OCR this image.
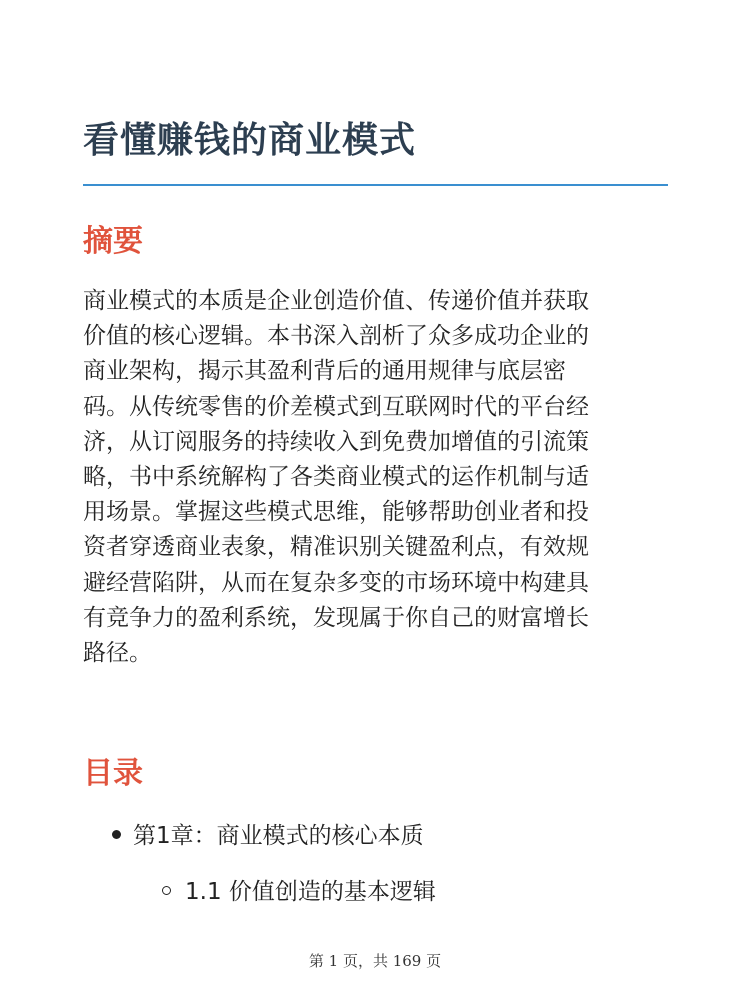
看懂赚钱的商业模式
摘要
商业模式的本质是企业创造价值、传递价值并获取
价值的核心逻辑。本书深入剖析了众多成功企业的
商业架构，揭示其盈利背后的通用规律与底层密
码。从传统零售的价差模式到互联网时代的平台经
济，从订阅服务的持续收入到免费加增值的引流策
略，书中系统解构了各类商业模式的运作机制与适
用场景。掌握这些模式思维，能够帮助创业者和投
资者穿透商业表象，精准识别关键盈利点，有效规
避经营陷阱，从而在复杂多变的市场环境中构建具
有竞争力的盈利系统，发现属于你自己的财富增长
路径。
目录
第1章：商业模式的核心本质
1.1 价值创造的基本逻辑
第 1 页，共 169 页
